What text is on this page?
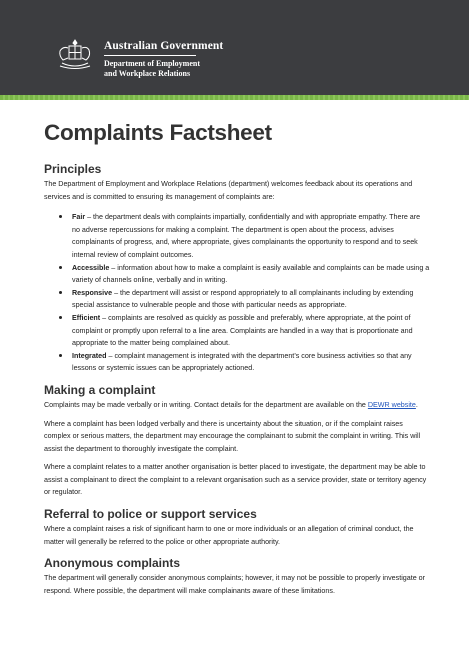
Australian Government
Department of Employment
and Workplace Relations
Complaints Factsheet
Principles

The Department of Employment and Workplace Relations (department) welcomes feedback about its operations and services and is committed to ensuring its management of complaints are:

Fair – the department deals with complaints impartially, confidentially and with appropriate empathy. There are no adverse repercussions for making a complaint. The department is open about the process, advises complainants of progress, and, where appropriate, gives complainants the opportunity to respond and to seek internal review of complaint outcomes.
Accessible – information about how to make a complaint is easily available and complaints can be made using a variety of channels online, verbally and in writing.
Responsive – the department will assist or respond appropriately to all complainants including by extending special assistance to vulnerable people and those with particular needs as appropriate.
Efficient – complaints are resolved as quickly as possible and preferably, where appropriate, at the point of complaint or promptly upon referral to a line area. Complaints are handled in a way that is proportionate and appropriate to the matter being complained about.
Integrated – complaint management is integrated with the department’s core business activities so that any lessons or systemic issues can be appropriately actioned.
Making a complaint

Complaints may be made verbally or in writing. Contact details for the department are available on the DEWR website.

Where a complaint has been lodged verbally and there is uncertainty about the situation, or if the complaint raises complex or serious matters, the department may encourage the complainant to submit the complaint in writing. This will assist the department to thoroughly investigate the complaint.

Where a complaint relates to a matter another organisation is better placed to investigate, the department may be able to assist a complainant to direct the complaint to a relevant organisation such as a service provider, state or territory agency or regulator.

Referral to police or support services

Where a complaint raises a risk of significant harm to one or more individuals or an allegation of criminal conduct, the matter will generally be referred to the police or other appropriate authority.

Anonymous complaints

The department will generally consider anonymous complaints; however, it may not be possible to properly investigate or respond. Where possible, the department will make complainants aware of these limitations.
